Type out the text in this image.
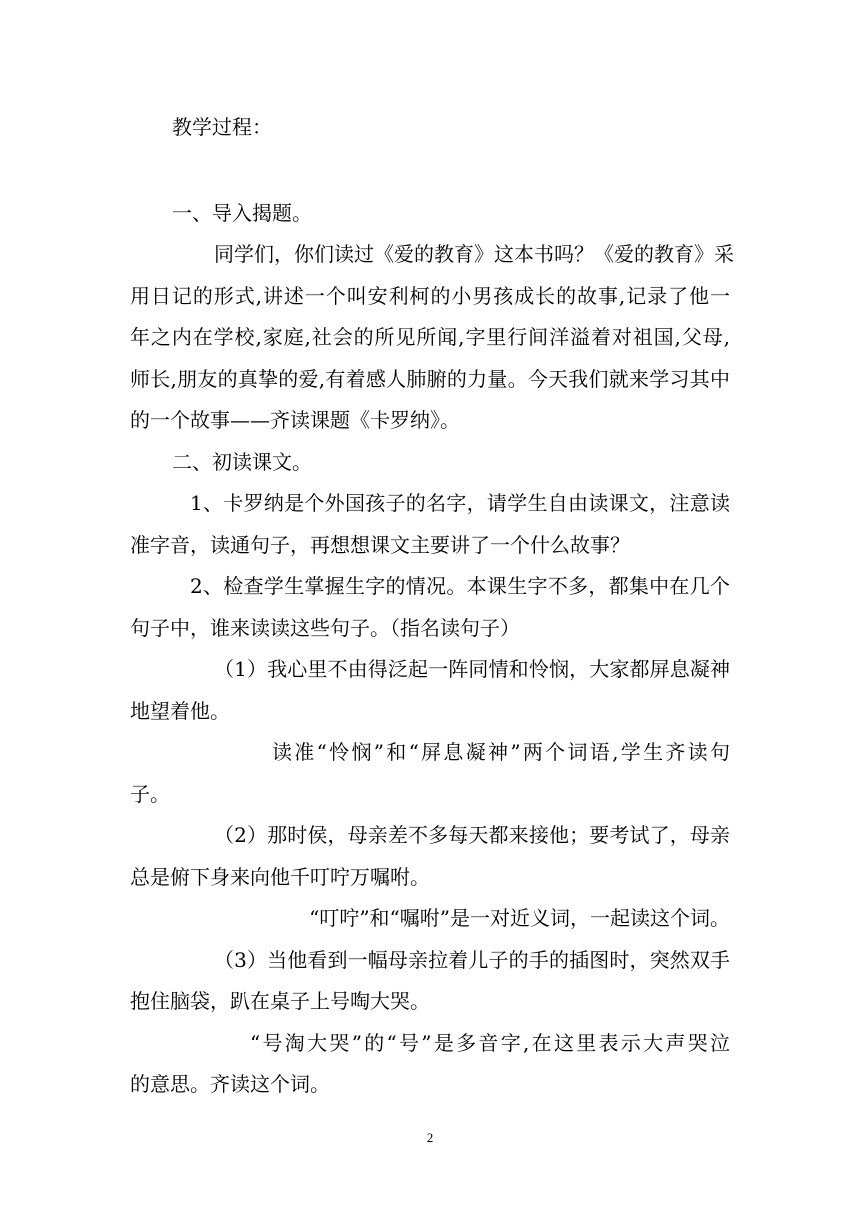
教学过程：
一、导入揭题。
同学们，你们读过《爱的教育》这本书吗？《爱的教育》采
用日记的形式,讲述一个叫安利柯的小男孩成长的故事,记录了他一
年之内在学校,家庭,社会的所见所闻,字里行间洋溢着对祖国,父母,
师长,朋友的真挚的爱,有着感人肺腑的力量。今天我们就来学习其中
的一个故事——齐读课题《卡罗纳》。
二、初读课文。
1、卡罗纳是个外国孩子的名字，请学生自由读课文，注意读
准字音，读通句子，再想想课文主要讲了一个什么故事？
2、检查学生掌握生字的情况。本课生字不多，都集中在几个
句子中，谁来读读这些句子。（指名读句子）
（1）我心里不由得泛起一阵同情和怜悯，大家都屏息凝神
地望着他。
读准“怜悯”和“屏息凝神”两个词语,学生齐读句
子。
（2）那时侯，母亲差不多每天都来接他；要考试了，母亲
总是俯下身来向他千叮咛万嘱咐。
“叮咛”和“嘱咐”是一对近义词，一起读这个词。
（3）当他看到一幅母亲拉着儿子的手的插图时，突然双手
抱住脑袋，趴在桌子上号啕大哭。
“号淘大哭”的“号”是多音字,在这里表示大声哭泣
的意思。齐读这个词。
2
